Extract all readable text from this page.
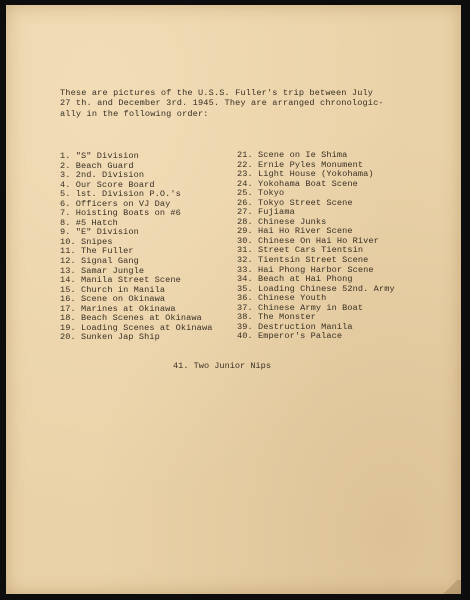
These are pictures of the U.S.S. Fuller's trip between July
27 th. and December 3rd. 1945. They are arranged chronologic-
ally in the following order:

1. "S" Division
2. Beach Guard
3. 2nd. Division
4. Our Score Board
5. lst. Division P.O.'s
6. Officers on VJ Day
7. Hoisting Boats on #6
8. #5 Hatch
9. "E" Division
10. Snipes
11. The Fuller
12. Signal Gang
13. Samar Jungle
14. Manila Street Scene
15. Church in Manila
16. Scene on Okinawa
17. Marines at Okinawa
18. Beach Scenes at Okinawa
19. Loading Scenes at Okinawa
20. Sunken Jap Ship
21. Scene on Ie Shima
22. Ernie Pyles Monument
23. Light House (Yokohama)
24. Yokohama Boat Scene
25. Tokyo
26. Tokyo Street Scene
27. Fujiama
28. Chinese Junks
29. Hai Ho River Scene
30. Chinese On Hai Ho River
31. Street Cars Tientsin
32. Tientsin Street Scene
33. Hai Phong Harbor Scene
34. Beach at Hai Phong
35. Loading Chinese 52nd. Army
36. Chinese Youth
37. Chinese Army in Boat
38. The Monster
39. Destruction Manila
40. Emperor's Palace
41. Two Junior Nips
